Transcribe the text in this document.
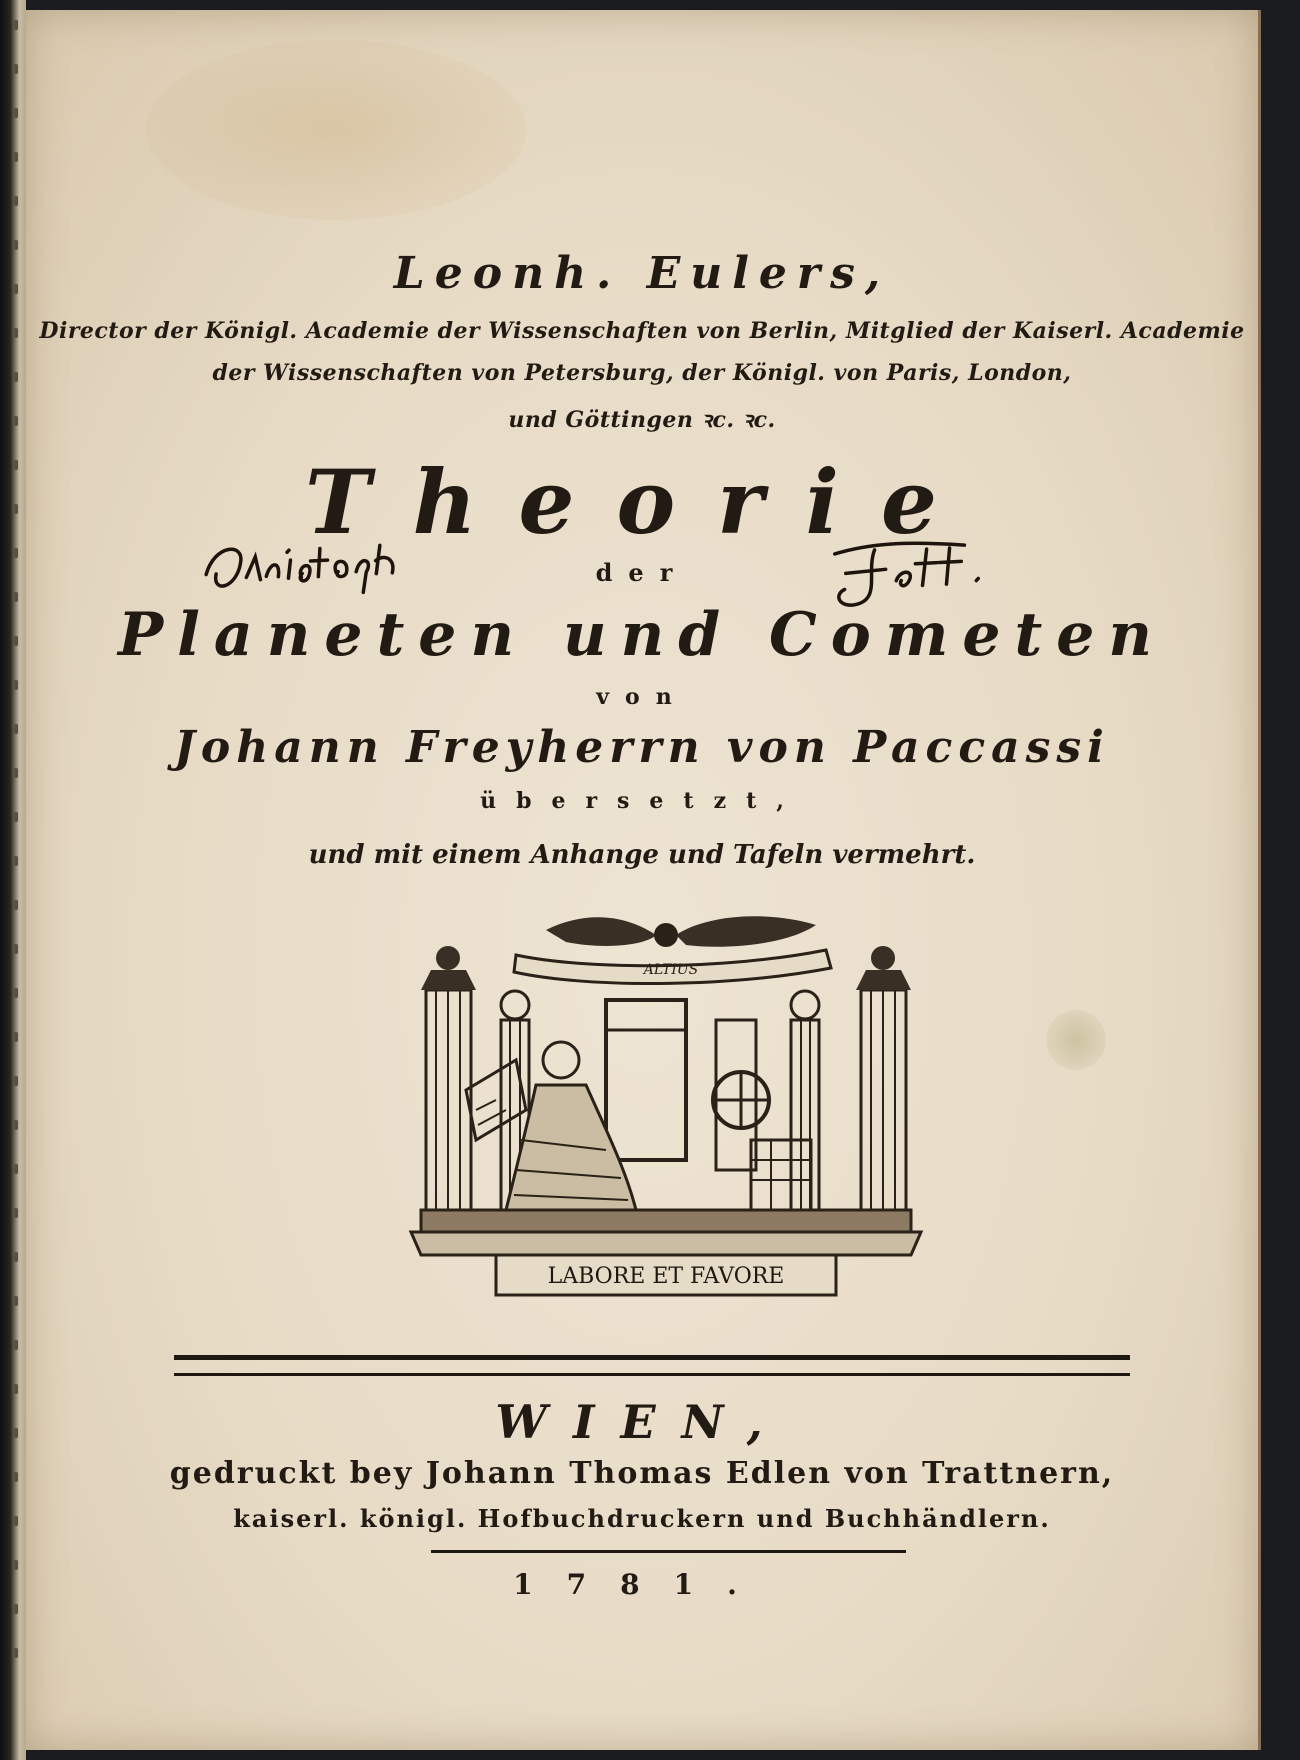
Leonh. Eulers,
Director der Königl. Academie der Wissenschaften von Berlin, Mitglied der Kaiserl. Academie
der Wissenschaften von Petersburg, der Königl. von Paris, London,
und Göttingen ꝛc. ꝛc.
Theorie
der
Planeten und Cometen
von
Johann Freyherrn von Paccassi
übersetzt,
und mit einem Anhange und Tafeln vermehrt.
ALTIUS
LABORE ET FAVORE
WIEN,
gedruckt bey Johann Thomas Edlen von Trattnern,
kaiserl. königl. Hofbuchdruckern und Buchhändlern.
1781.
